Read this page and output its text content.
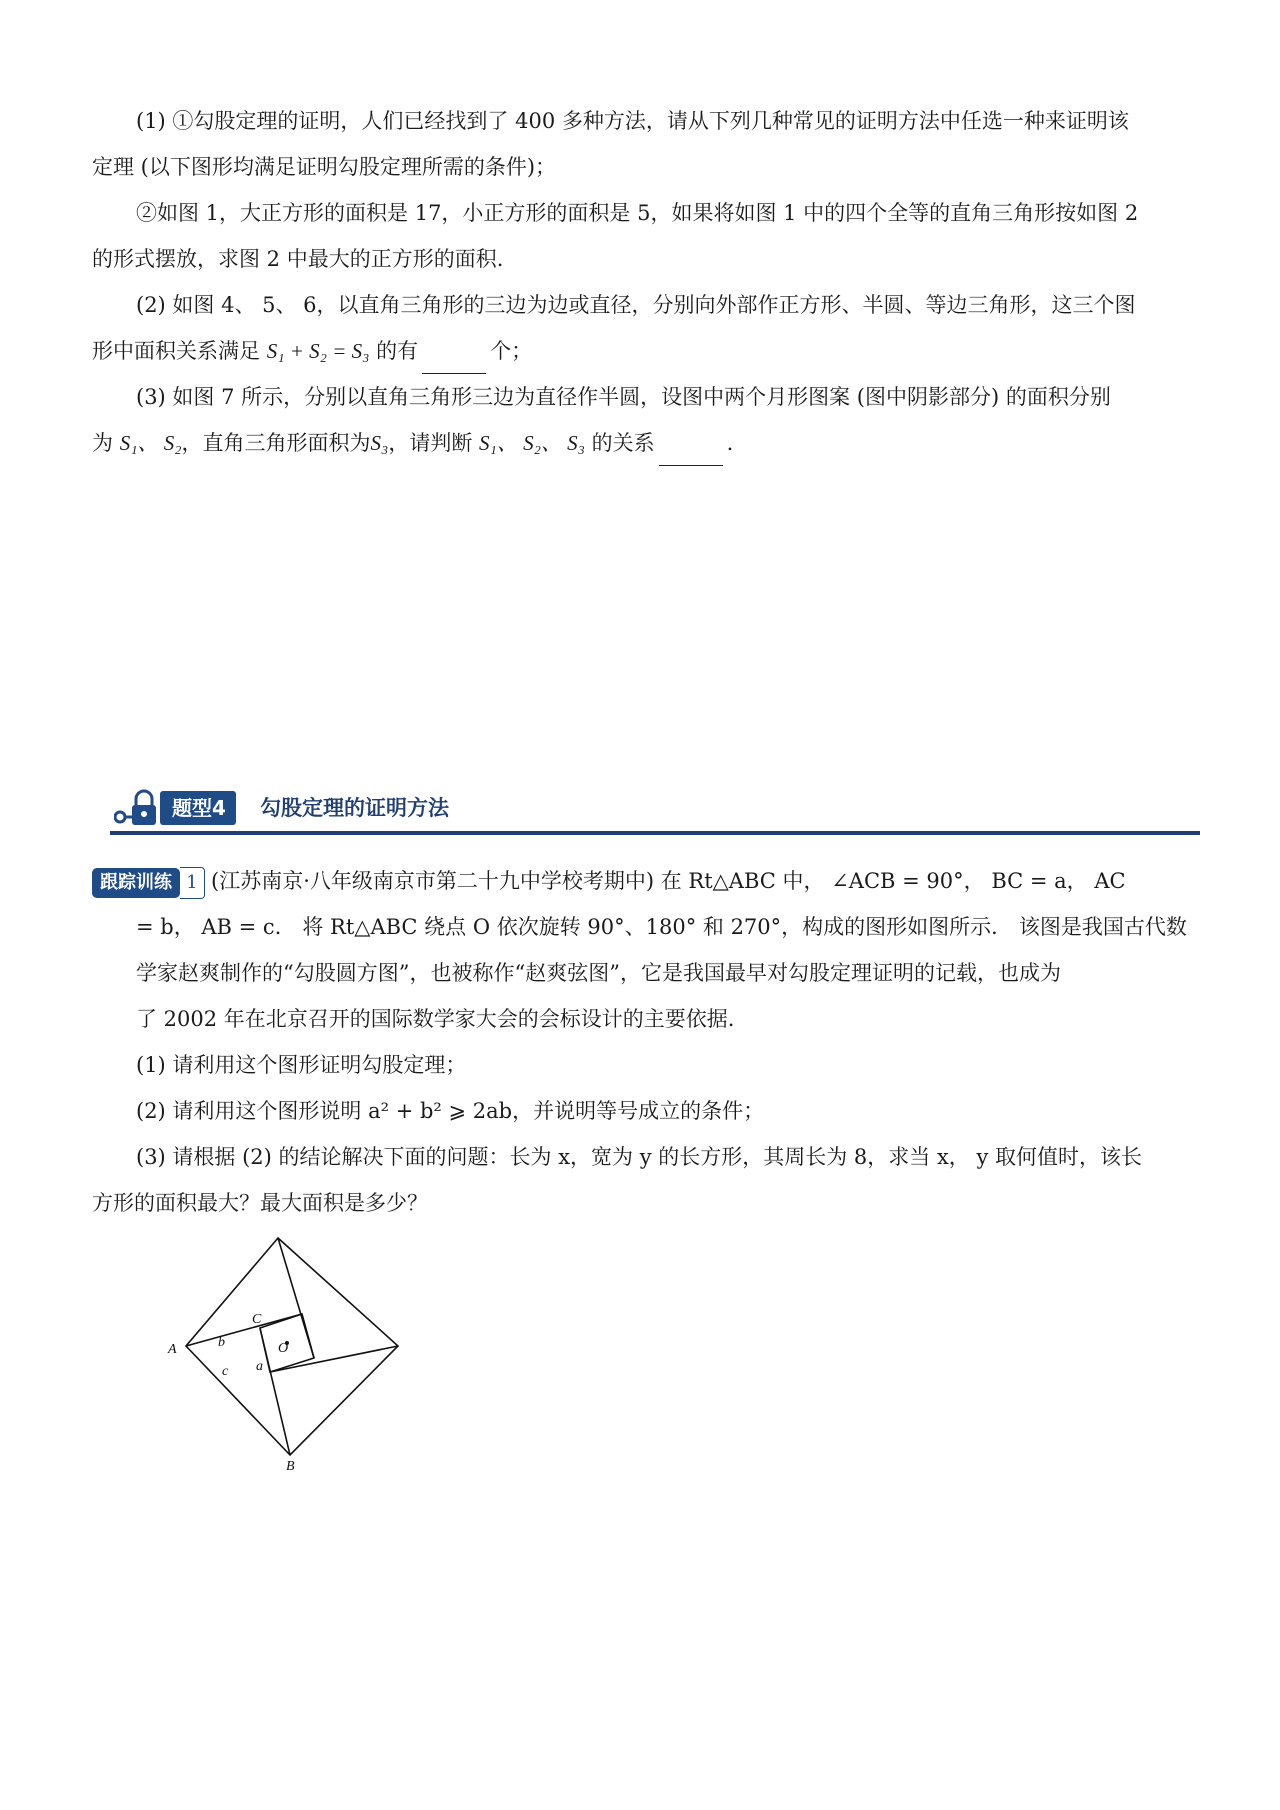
(1) ①勾股定理的证明，人们已经找到了 400 多种方法，请从下列几种常见的证明方法中任选一种来证明该
定理 (以下图形均满足证明勾股定理所需的条件)；
②如图 1，大正方形的面积是 17，小正方形的面积是 5，如果将如图 1 中的四个全等的直角三角形按如图 2
的形式摆放，求图 2 中最大的正方形的面积.
(2) 如图 4、 5、 6，以直角三角形的三边为边或直径，分别向外部作正方形、半圆、等边三角形，这三个图
形中面积关系满足 S₁ + S₂ = S₃ 的有	个；
(3) 如图 7 所示，分别以直角三角形三边为直径作半圆，设图中两个月形图案 (图中阴影部分) 的面积分别
为 S₁、 S₂，直角三角形面积为S₃，请判断 S₁、 S₂、 S₃ 的关系	.
题型4	勾股定理的证明方法
跟踪训练 1 (江苏南京·八年级南京市第二十九中学校考期中) 在 Rt△ABC 中， ∠ACB = 90°， BC = a， AC
= b， AB = c． 将 Rt△ABC 绕点 O 依次旋转 90°、180° 和 270°，构成的图形如图所示． 该图是我国古代数
学家赵爽制作的“勾股圆方图”，也被称作“赵爽弦图”，它是我国最早对勾股定理证明的记载，也成为
了 2002 年在北京召开的国际数学家大会的会标设计的主要依据.
(1) 请利用这个图形证明勾股定理；
(2) 请利用这个图形说明 a² + b² ⩾ 2ab，并说明等号成立的条件；
(3) 请根据 (2) 的结论解决下面的问题：长为 x，宽为 y 的长方形，其周长为 8，求当 x， y 取何值时，该长
方形的面积最大？最大面积是多少？
A
B
C
O
a
b
c
